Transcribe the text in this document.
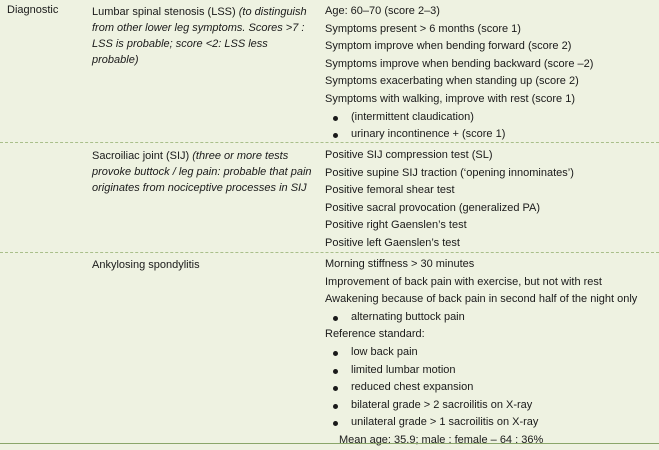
Diagnostic	Lumbar spinal stenosis (LSS) (to distinguish from other lower leg symptoms. Scores >7 : LSS is probable; score <2: LSS less probable)
Age: 60–70 (score 2–3)
Symptoms present > 6 months (score 1)
Symptom improve when bending forward (score 2)
Symptoms improve when bending backward (score –2)
Symptoms exacerbating when standing up (score 2)
Symptoms with walking, improve with rest (score 1)
(intermittent claudication)
urinary incontinence + (score 1)
Sacroiliac joint (SIJ) (three or more tests provoke buttock / leg pain: probable that pain originates from nociceptive processes in SIJ
Positive SIJ compression test (SL)
Positive supine SIJ traction (‘opening innominates’)
Positive femoral shear test
Positive sacral provocation (generalized PA)
Positive right Gaenslen’s test
Positive left Gaenslen’s test
Ankylosing spondylitis	Morning stiffness > 30 minutes
Improvement of back pain with exercise, but not with rest
Awakening because of back pain in second half of the night only
alternating buttock pain
Reference standard:
low back pain
limited lumbar motion
reduced chest expansion
bilateral grade > 2 sacroilitis on X-ray
unilateral grade > 1 sacroilitis on X-ray
Mean age: 35.9; male : female – 64 : 36%
